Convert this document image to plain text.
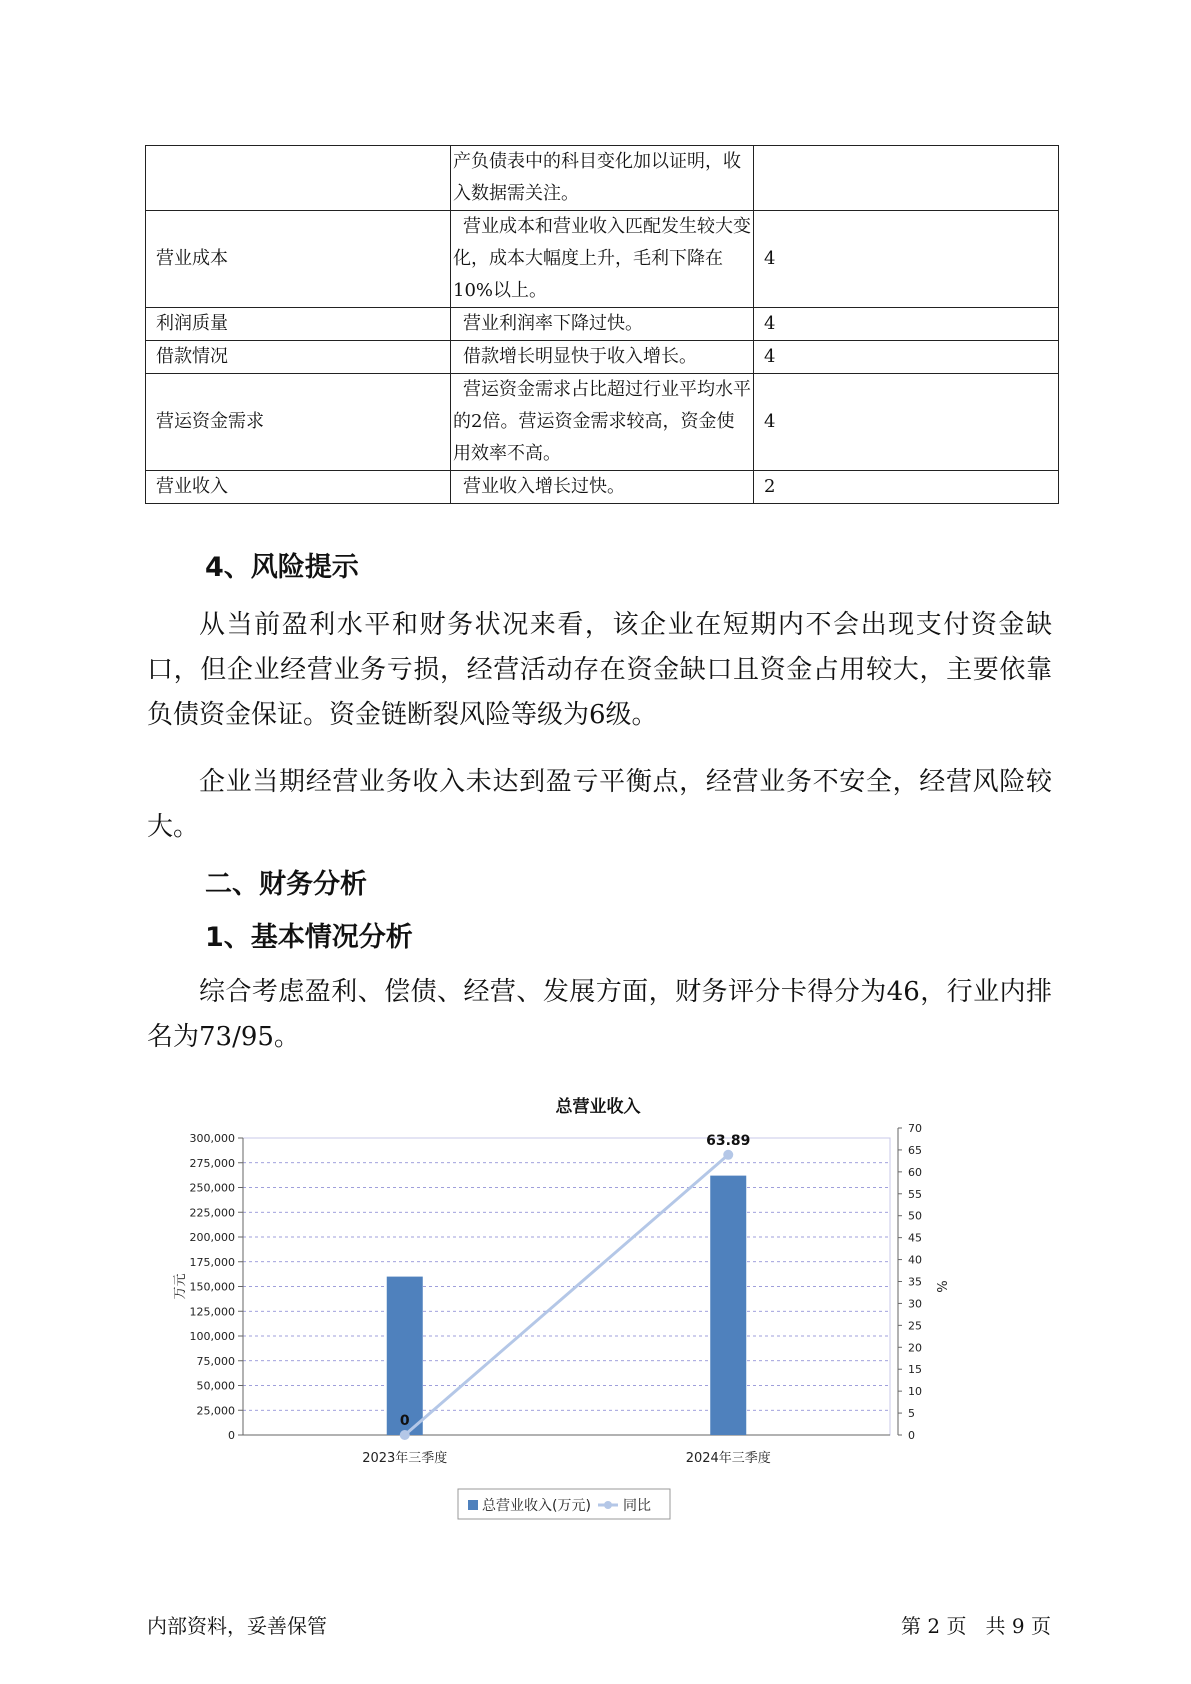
	产负债表中的科目变化加以证明，收入数据需关注。	
营业成本	营业成本和营业收入匹配发生较大变化，成本大幅度上升，毛利下降在10%以上。	4
利润质量	营业利润率下降过快。	4
借款情况	借款增长明显快于收入增长。	4
营运资金需求	营运资金需求占比超过行业平均水平的2倍。营运资金需求较高，资金使用效率不高。	4
营业收入	营业收入增长过快。	2
4、风险提示

从当前盈利水平和财务状况来看，该企业在短期内不会出现支付资金缺口，但企业经营业务亏损，经营活动存在资金缺口且资金占用较大，主要依靠负债资金保证。资金链断裂风险等级为6级。

企业当期经营业务收入未达到盈亏平衡点，经营业务不安全，经营风险较大。

二、财务分析
1、基本情况分析

综合考虑盈利、偿债、经营、发展方面，财务评分卡得分为46，行业内排名为73/95。

总营业收入
0
25,000
50,000
75,000
100,000
125,000
150,000
175,000
200,000
225,000
250,000
275,000
300,000
0
5
10
15
20
25
30
35
40
45
50
55
60
65
70
万元	%
2023年三季度	2024年三季度
0
63.89
总营业收入(万元) 同比
内部资料，妥善保管	第 2 页   共 9 页
